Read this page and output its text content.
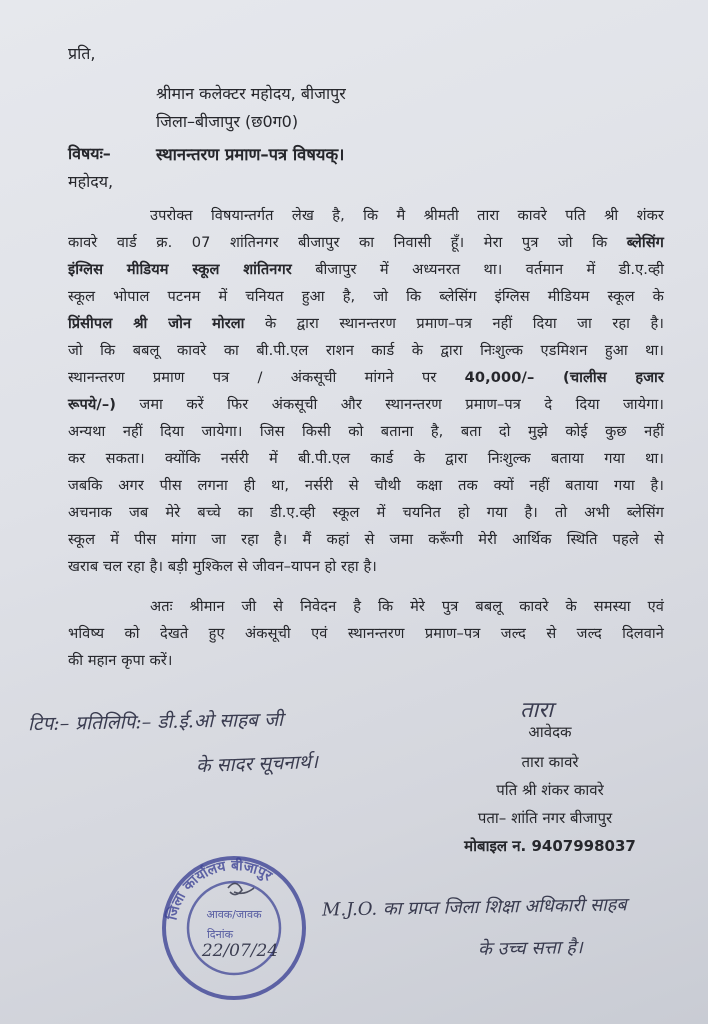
प्रति,
श्रीमान कलेक्टर महोदय, बीजापुर
जिला–बीजापुर (छ0ग0)
विषयः–	स्थानन्तरण प्रमाण–पत्र विषयक्।
महोदय,
उपरोक्त विषयान्तर्गत लेख है, कि मै श्रीमती तारा कावरे पति श्री शंकर
कावरे वार्ड क्र. 07 शांतिनगर बीजापुर का निवासी हूँ। मेरा पुत्र जो कि ब्लेसिंग
इंग्लिस मीडियम स्कूल शांतिनगर बीजापुर में अध्यनरत था। वर्तमान में डी.ए.व्ही
स्कूल भोपाल पटनम में चनियत हुआ है, जो कि ब्लेसिंग इंग्लिस मीडियम स्कूल के
प्रिंसीपल श्री जोन मोरला के द्वारा स्थानन्तरण प्रमाण–पत्र नहीं दिया जा रहा है।
जो कि बबलू कावरे का बी.पी.एल राशन कार्ड के द्वारा निःशुल्क एडमिशन हुआ था।
स्थानन्तरण प्रमाण पत्र / अंकसूची मांगने पर 40,000/– (चालीस हजार
रूपये/–) जमा करें फिर अंकसूची और स्थानन्तरण प्रमाण–पत्र दे दिया जायेगा।
अन्यथा नहीं दिया जायेगा। जिस किसी को बताना है, बता दो मुझे कोई कुछ नहीं
कर सकता। क्योंकि नर्सरी में बी.पी.एल कार्ड के द्वारा निःशुल्क बताया गया था।
जबकि अगर पीस लगना ही था, नर्सरी से चौथी कक्षा तक क्यों नहीं बताया गया है।
अचनाक जब मेरे बच्चे का डी.ए.व्ही स्कूल में चयनित हो गया है। तो अभी ब्लेसिंग
स्कूल में पीस मांगा जा रहा है। मैं कहां से जमा करूँगी मेरी आर्थिक स्थिति पहले से
खराब चल रहा है। बड़ी मुश्किल से जीवन–यापन हो रहा है।
अतः श्रीमान जी से निवेदन है कि मेरे पुत्र बबलू कावरे के समस्या एवं
भविष्य को देखते हुए अंकसूची एवं स्थानन्तरण प्रमाण–पत्र जल्द से जल्द दिलवाने
की महान कृपा करें।
टिप:– प्रतिलिपि:– डी.ई.ओ साहब जी
के सादर सूचनार्थ।
तारा
आवेदक
तारा कावरे
पति श्री शंकर कावरे
पता– शांति नगर बीजापुर
मोबाइल न. 9407998037
जिला कार्यालय बीजापुर
आवक/जावक
दिनांक
22/07/24
M.J.O. का प्राप्त जिला शिक्षा अधिकारी साहब
के उच्च सत्ता है।
